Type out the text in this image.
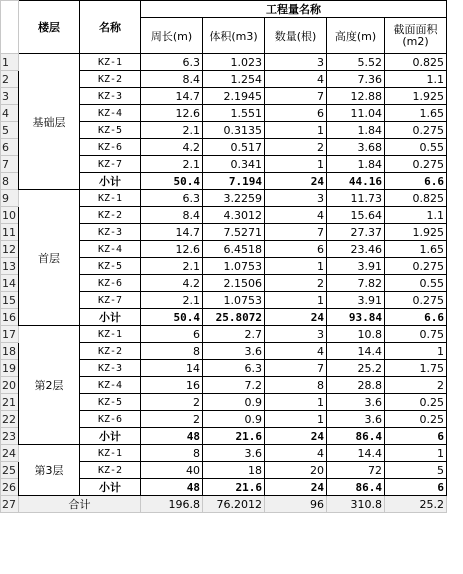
	楼层	名称	工程量名称				
			周长(m)	体积(m3)	数量(根)	高度(m)	截面面积(m2)
1	基础层	KZ-1	6.3	1.023	3	5.52	0.825
2		KZ-2	8.4	1.254	4	7.36	1.1
3		KZ-3	14.7	2.1945	7	12.88	1.925
4		KZ-4	12.6	1.551	6	11.04	1.65
5		KZ-5	2.1	0.3135	1	1.84	0.275
6		KZ-6	4.2	0.517	2	3.68	0.55
7		KZ-7	2.1	0.341	1	1.84	0.275
8		小计	50.4	7.194	24	44.16	6.6
9	首层	KZ-1	6.3	3.2259	3	11.73	0.825
10		KZ-2	8.4	4.3012	4	15.64	1.1
11		KZ-3	14.7	7.5271	7	27.37	1.925
12		KZ-4	12.6	6.4518	6	23.46	1.65
13		KZ-5	2.1	1.0753	1	3.91	0.275
14		KZ-6	4.2	2.1506	2	7.82	0.55
15		KZ-7	2.1	1.0753	1	3.91	0.275
16		小计	50.4	25.8072	24	93.84	6.6
17	第2层	KZ-1	6	2.7	3	10.8	0.75
18		KZ-2	8	3.6	4	14.4	1
19		KZ-3	14	6.3	7	25.2	1.75
20		KZ-4	16	7.2	8	28.8	2
21		KZ-5	2	0.9	1	3.6	0.25
22		KZ-6	2	0.9	1	3.6	0.25
23		小计	48	21.6	24	86.4	6
24	第3层	KZ-1	8	3.6	4	14.4	1
25		KZ-2	40	18	20	72	5
26		小计	48	21.6	24	86.4	6
27	合计		196.8	76.2012	96	310.8	25.2
